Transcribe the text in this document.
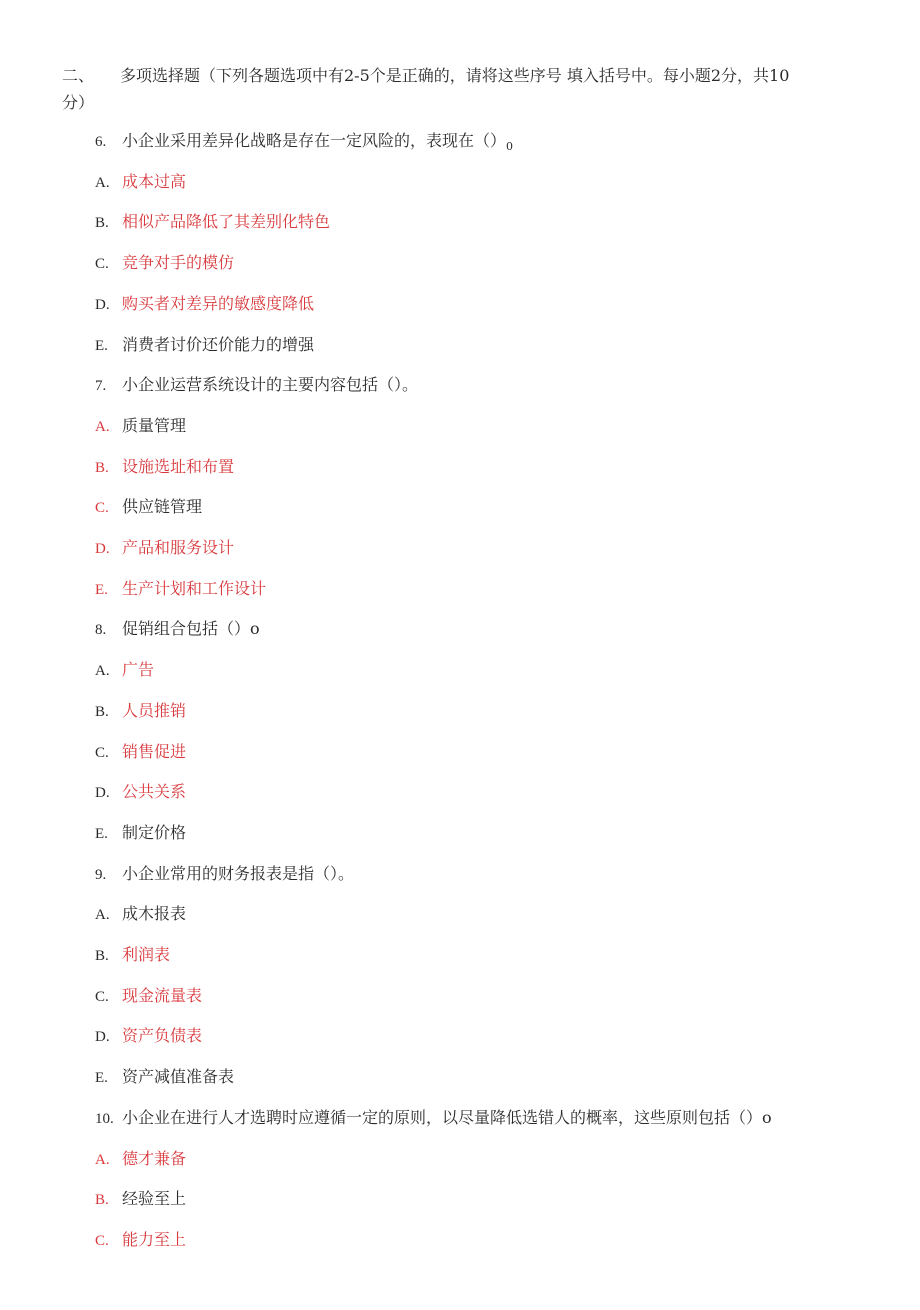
二、 多项选择题（下列各题选项中有2-5个是正确的，请将这些序号 填入括号中。每小题2分，共10
分）
6. 小企业采用差异化战略是存在一定风险的，表现在$()_0$
A. 成本过高
B. 相似产品降低了其差别化特色
C. 竞争对手的模仿
D. 购买者对差异的敏感度降低
E. 消费者讨价还价能力的增强
7. 小企业运营系统设计的主要内容包括（）。
A. 质量管理
B. 设施选址和布置
C. 供应链管理
D. 产品和服务设计
E. 生产计划和工作设计
8. 促销组合包括（）o
A. 广告
B. 人员推销
C. 销售促进
D. 公共关系
E. 制定价格
9. 小企业常用的财务报表是指（）。
A. 成木报表
B. 利润表
C. 现金流量表
D. 资产负债表
E. 资产减值准备表
10. 小企业在进行人才选聘时应遵循一定的原则，以尽量降低选错人的概率，这些原则包括（）o
A. 德才兼备
B. 经验至上
C. 能力至上
